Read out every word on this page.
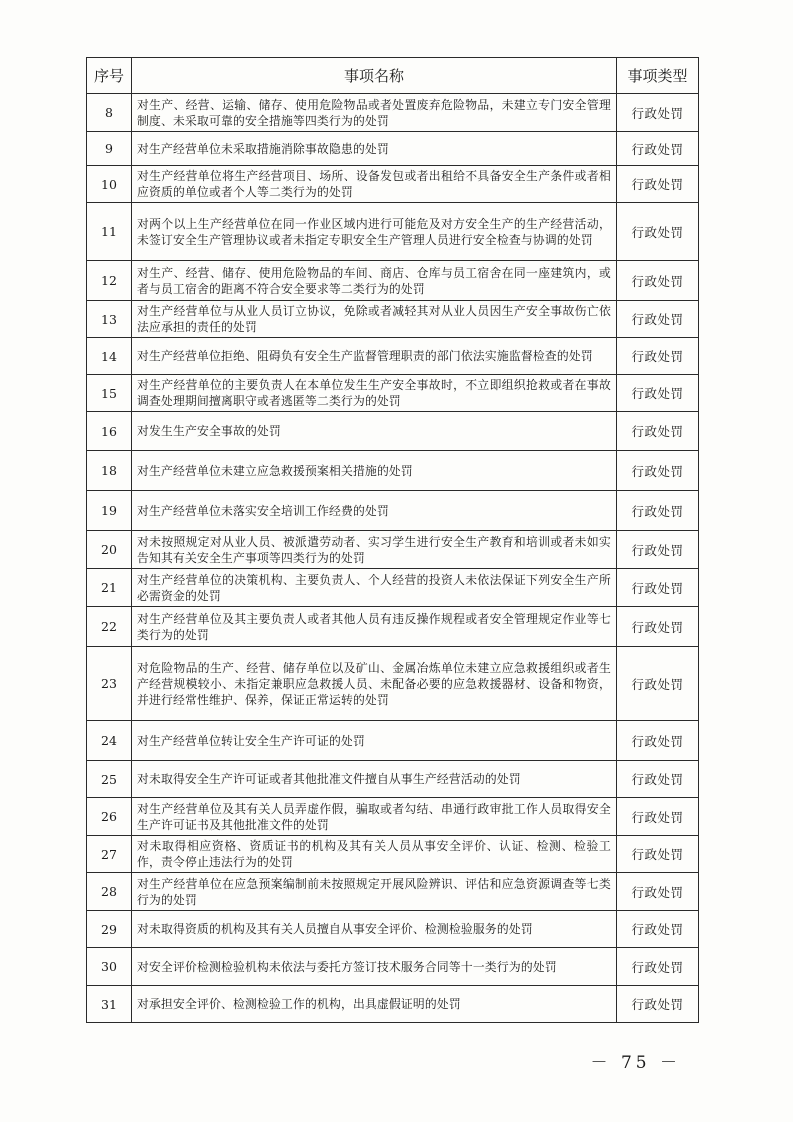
序号	事项名称	事项类型
8	对生产、经营、运输、储存、使用危险物品或者处置废弃危险物品，未建立专门安全管理制度、未采取可靠的安全措施等四类行为的处罚	行政处罚
9	对生产经营单位未采取措施消除事故隐患的处罚	行政处罚
10	对生产经营单位将生产经营项目、场所、设备发包或者出租给不具备安全生产条件或者相应资质的单位或者个人等二类行为的处罚	行政处罚
11	对两个以上生产经营单位在同一作业区域内进行可能危及对方安全生产的生产经营活动，未签订安全生产管理协议或者未指定专职安全生产管理人员进行安全检查与协调的处罚	行政处罚
12	对生产、经营、储存、使用危险物品的车间、商店、仓库与员工宿舍在同一座建筑内，或者与员工宿舍的距离不符合安全要求等二类行为的处罚	行政处罚
13	对生产经营单位与从业人员订立协议，免除或者减轻其对从业人员因生产安全事故伤亡依法应承担的责任的处罚	行政处罚
14	对生产经营单位拒绝、阻碍负有安全生产监督管理职责的部门依法实施监督检查的处罚	行政处罚
15	对生产经营单位的主要负责人在本单位发生生产安全事故时，不立即组织抢救或者在事故调查处理期间擅离职守或者逃匿等二类行为的处罚	行政处罚
16	对发生生产安全事故的处罚	行政处罚
18	对生产经营单位未建立应急救援预案相关措施的处罚	行政处罚
19	对生产经营单位未落实安全培训工作经费的处罚	行政处罚
20	对未按照规定对从业人员、被派遣劳动者、实习学生进行安全生产教育和培训或者未如实告知其有关安全生产事项等四类行为的处罚	行政处罚
21	对生产经营单位的决策机构、主要负责人、个人经营的投资人未依法保证下列安全生产所必需资金的处罚	行政处罚
22	对生产经营单位及其主要负责人或者其他人员有违反操作规程或者安全管理规定作业等七类行为的处罚	行政处罚
23	对危险物品的生产、经营、储存单位以及矿山、金属冶炼单位未建立应急救援组织或者生产经营规模较小、未指定兼职应急救援人员、未配备必要的应急救援器材、设备和物资，并进行经常性维护、保养，保证正常运转的处罚	行政处罚
24	对生产经营单位转让安全生产许可证的处罚	行政处罚
25	对未取得安全生产许可证或者其他批准文件擅自从事生产经营活动的处罚	行政处罚
26	对生产经营单位及其有关人员弄虚作假，骗取或者勾结、串通行政审批工作人员取得安全生产许可证书及其他批准文件的处罚	行政处罚
27	对未取得相应资格、资质证书的机构及其有关人员从事安全评价、认证、检测、检验工作，责令停止违法行为的处罚	行政处罚
28	对生产经营单位在应急预案编制前未按照规定开展风险辨识、评估和应急资源调查等七类行为的处罚	行政处罚
29	对未取得资质的机构及其有关人员擅自从事安全评价、检测检验服务的处罚	行政处罚
30	对安全评价检测检验机构未依法与委托方签订技术服务合同等十一类行为的处罚	行政处罚
31	对承担安全评价、检测检验工作的机构，出具虚假证明的处罚	行政处罚
－ 75 －
